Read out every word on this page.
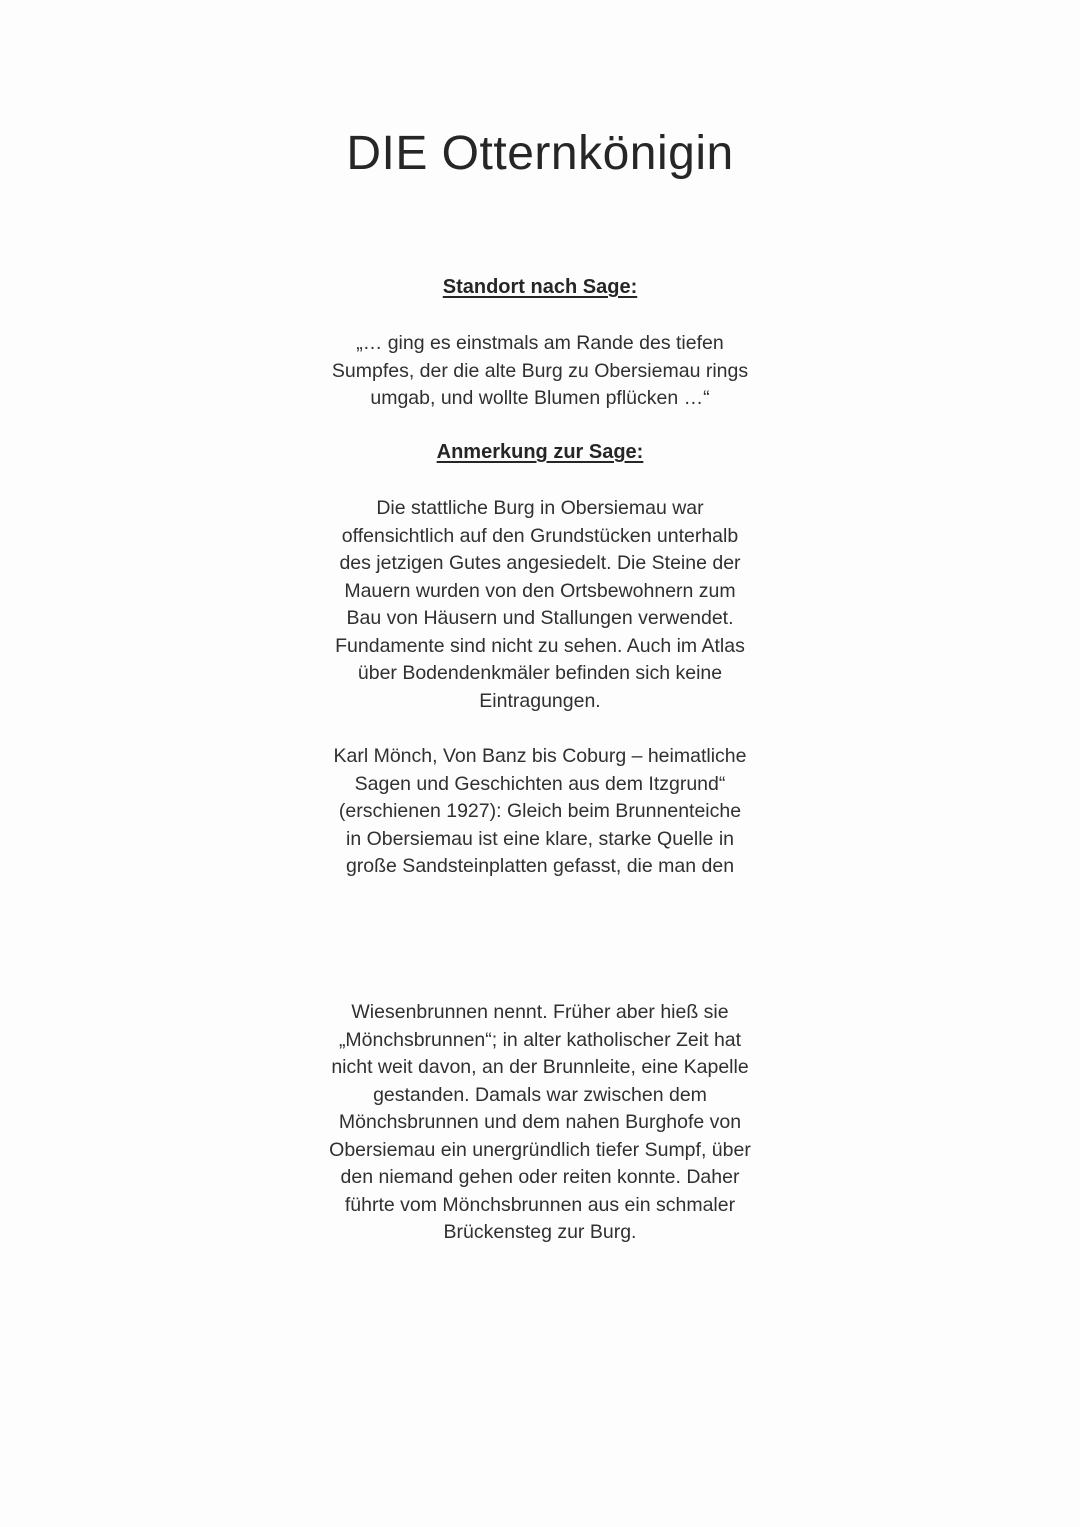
DIE Otternkönigin
Standort nach Sage:

„… ging es einstmals am Rande des tiefen
Sumpfes, der die alte Burg zu Obersiemau rings
umgab, und wollte Blumen pflücken …“

Anmerkung zur Sage:

Die stattliche Burg in Obersiemau war
offensichtlich auf den Grundstücken unterhalb
des jetzigen Gutes angesiedelt. Die Steine der
Mauern wurden von den Ortsbewohnern zum
Bau von Häusern und Stallungen verwendet.
Fundamente sind nicht zu sehen. Auch im Atlas
über Bodendenkmäler befinden sich keine
Eintragungen.

Karl Mönch, Von Banz bis Coburg – heimatliche
Sagen und Geschichten aus dem Itzgrund“
(erschienen 1927): Gleich beim Brunnenteiche
in Obersiemau ist eine klare, starke Quelle in
große Sandsteinplatten gefasst, die man den

Wiesenbrunnen nennt. Früher aber hieß sie
„Mönchsbrunnen“; in alter katholischer Zeit hat
nicht weit davon, an der Brunnleite, eine Kapelle
gestanden. Damals war zwischen dem
Mönchsbrunnen und dem nahen Burghofe von
Obersiemau ein unergründlich tiefer Sumpf, über
den niemand gehen oder reiten konnte. Daher
führte vom Mönchsbrunnen aus ein schmaler
Brückensteg zur Burg.
